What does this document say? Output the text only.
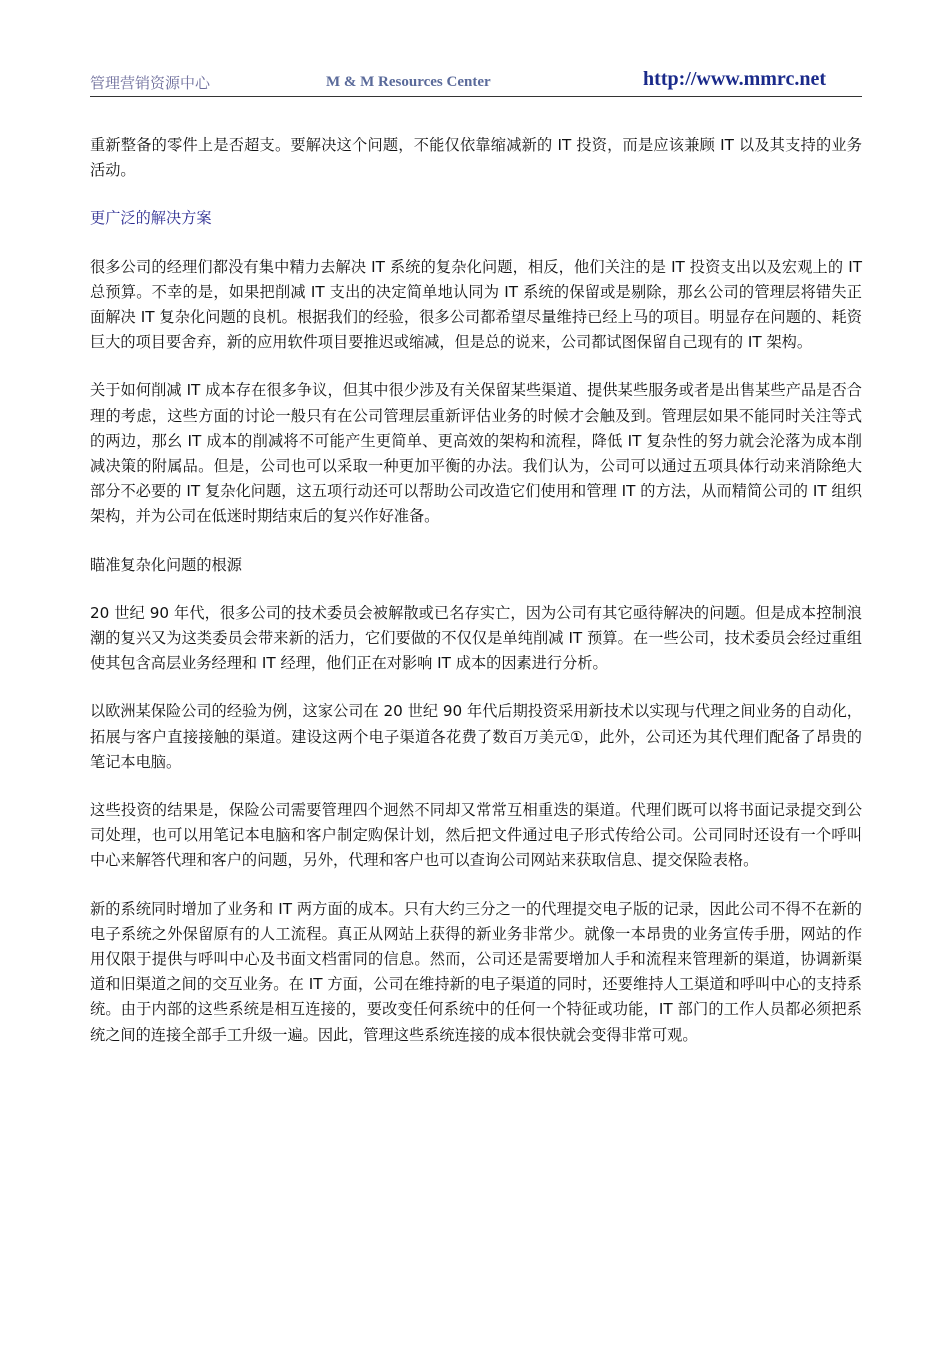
管理营销资源中心	M & M Resources Center	http://www.mmrc.net

重新整备的零件上是否超支。要解决这个问题，不能仅依靠缩减新的 IT 投资，而是应该兼顾 IT 以及其支持的业务活动。

更广泛的解决方案

很多公司的经理们都没有集中精力去解决 IT 系统的复杂化问题，相反，他们关注的是 IT 投资支出以及宏观上的 IT 总预算。不幸的是，如果把削减 IT 支出的决定简单地认同为 IT 系统的保留或是剔除，那幺公司的管理层将错失正面解决 IT 复杂化问题的良机。根据我们的经验，很多公司都希望尽量维持已经上马的项目。明显存在问题的、耗资巨大的项目要舍弃，新的应用软件项目要推迟或缩减，但是总的说来，公司都试图保留自己现有的 IT 架构。

关于如何削减 IT 成本存在很多争议，但其中很少涉及有关保留某些渠道、提供某些服务或者是出售某些产品是否合理的考虑，这些方面的讨论一般只有在公司管理层重新评估业务的时候才会触及到。管理层如果不能同时关注等式的两边，那幺 IT 成本的削减将不可能产生更简单、更高效的架构和流程，降低 IT 复杂性的努力就会沦落为成本削减决策的附属品。但是，公司也可以采取一种更加平衡的办法。我们认为，公司可以通过五项具体行动来消除绝大部分不必要的 IT 复杂化问题，这五项行动还可以帮助公司改造它们使用和管理 IT 的方法，从而精简公司的 IT 组织架构，并为公司在低迷时期结束后的复兴作好准备。

瞄准复杂化问题的根源

20 世纪 90 年代，很多公司的技术委员会被解散或已名存实亡，因为公司有其它亟待解决的问题。但是成本控制浪潮的复兴又为这类委员会带来新的活力，它们要做的不仅仅是单纯削减 IT 预算。在一些公司，技术委员会经过重组使其包含高层业务经理和 IT 经理，他们正在对影响 IT 成本的因素进行分析。

以欧洲某保险公司的经验为例，这家公司在 20 世纪 90 年代后期投资采用新技术以实现与代理之间业务的自动化，拓展与客户直接接触的渠道。建设这两个电子渠道各花费了数百万美元①，此外，公司还为其代理们配备了昂贵的笔记本电脑。

这些投资的结果是，保险公司需要管理四个迥然不同却又常常互相重迭的渠道。代理们既可以将书面记录提交到公司处理，也可以用笔记本电脑和客户制定购保计划，然后把文件通过电子形式传给公司。公司同时还设有一个呼叫中心来解答代理和客户的问题，另外，代理和客户也可以查询公司网站来获取信息、提交保险表格。

新的系统同时增加了业务和 IT 两方面的成本。只有大约三分之一的代理提交电子版的记录，因此公司不得不在新的电子系统之外保留原有的人工流程。真正从网站上获得的新业务非常少。就像一本昂贵的业务宣传手册，网站的作用仅限于提供与呼叫中心及书面文档雷同的信息。然而，公司还是需要增加人手和流程来管理新的渠道，协调新渠道和旧渠道之间的交互业务。在 IT 方面，公司在维持新的电子渠道的同时，还要维持人工渠道和呼叫中心的支持系统。由于内部的这些系统是相互连接的，要改变任何系统中的任何一个特征或功能，IT 部门的工作人员都必须把系统之间的连接全部手工升级一遍。因此，管理这些系统连接的成本很快就会变得非常可观。
